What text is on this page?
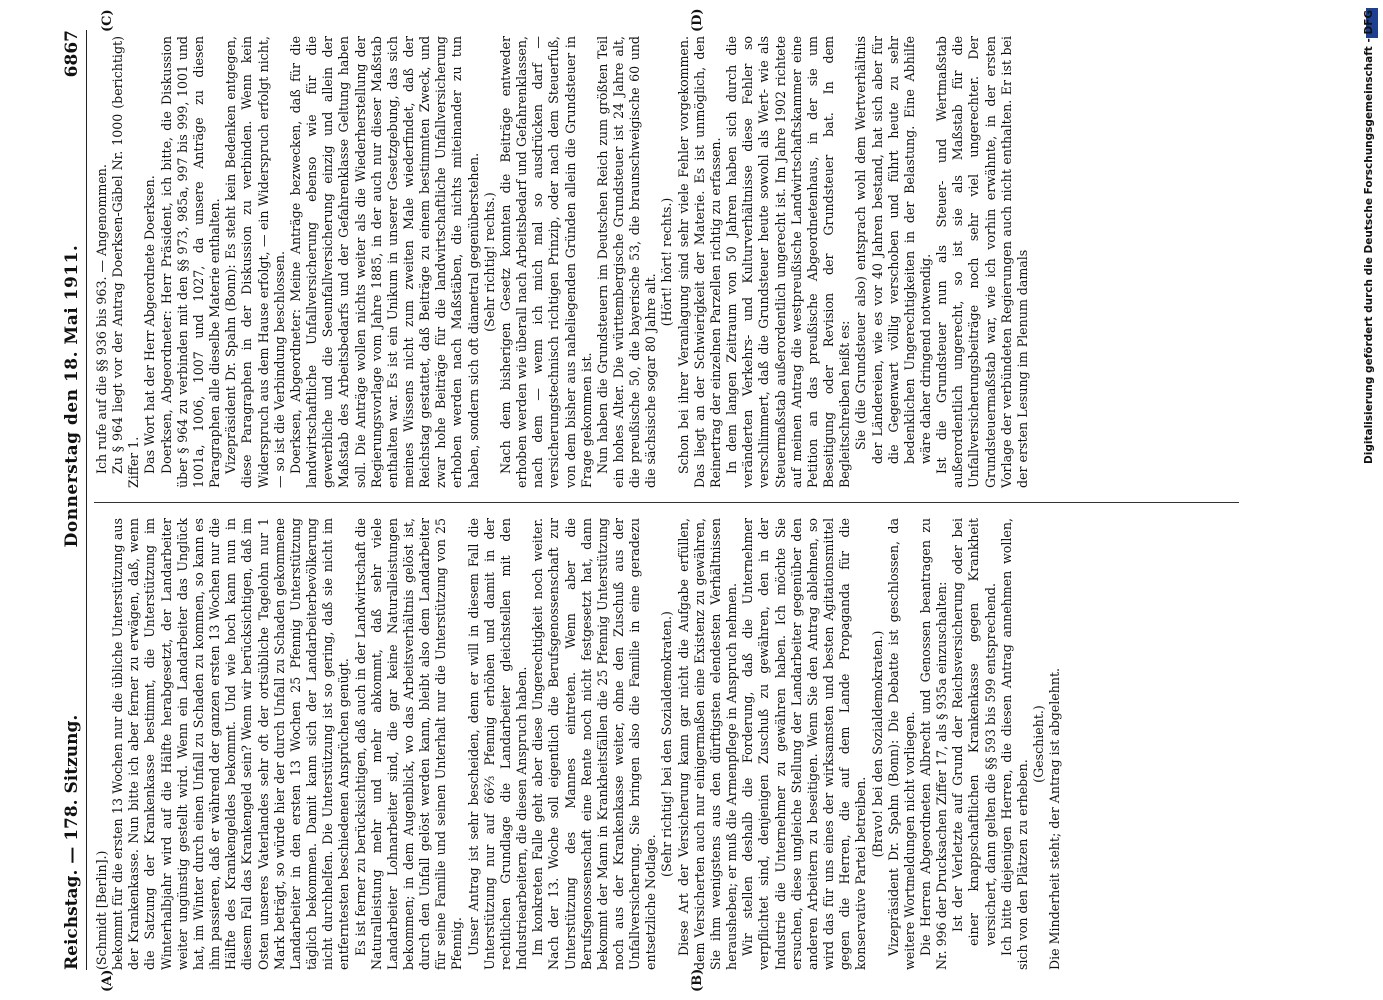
Reichstag. — 178. Sitzung.
Donnerstag den 18. Mai 1911.
6867
(A)	(B)
(C)	(D)

(Schmidt [Berlin].) bekommt für die ersten 13 Wochen nur die übliche Unterstützung aus der Krankenkasse. Nun bitte ich aber ferner zu erwägen, daß, wenn die Satzung der Krankenkasse bestimmt, die Unterstützung im Winterhalbjahr wird auf die Hälfte herabgesetzt, der Landarbeiter weiter ungünstig gestellt wird. Wenn ein Landarbeiter das Unglück hat, im Winter durch einen Unfall zu Schaden zu kommen, so kann es ihm passieren, daß er während der ganzen ersten 13 Wochen nur die Hälfte des Krankengeldes bekommt. Und wie hoch kann nun in diesem Fall das Krankengeld sein? Wenn wir berücksichtigen, daß im Osten unseres Vaterlandes sehr oft der ortsübliche Tagelohn nur 1 Mark beträgt, so würde hier der durch Unfall zu Schaden gekommene Landarbeiter in den ersten 13 Wochen 25 Pfennig Unterstützung täglich bekommen. Damit kann sich der Landarbeiterbevölkerung nicht durchhelfen. Die Unterstützung ist so gering, daß sie nicht im entferntesten beschiedenen Ansprüchen genügt. Es ist ferner zu berücksichtigen, daß auch in der Landwirtschaft die Naturalleistung mehr und mehr abkommt, daß sehr viele Landarbeiter Lohnarbeiter sind, die gar keine Naturalleistungen bekommen; in dem Augenblick, wo das Arbeitsverhältnis gelöst ist, durch den Unfall gelöst werden kann, bleibt also dem Landarbeiter für seine Familie und seinen Unterhalt nur die Unterstützung von 25 Pfennig. Unser Antrag ist sehr bescheiden, denn er will in diesem Fall die Unterstützung nur auf 66⅔ Pfennig erhöhen und damit in der rechtlichen Grundlage die Landarbeiter gleichstellen mit den Industriearbeitern, die diesen Anspruch haben. Im konkreten Falle geht aber diese Ungerechtigkeit noch weiter. Nach der 13. Woche soll eigentlich die Berufsgenossenschaft zur Unterstützung des Mannes eintreten. Wenn aber die Berufsgenossenschaft eine Rente noch nicht festgesetzt hat, dann bekommt der Mann in Krankheitsfällen die 25 Pfennig Unterstützung noch aus der Krankenkasse weiter, ohne den Zuschuß aus der Unfallversicherung. Sie bringen also die Familie in eine geradezu entsetzliche Notlage.

(Sehr richtig! bei den Sozialdemokraten.) Diese Art der Versicherung kann gar nicht die Aufgabe erfüllen, dem Versicherten auch nur einigermaßen eine Existenz zu gewähren, Sie ihm wenigstens aus den dürftigsten elendesten Verhältnissen herausheben; er muß die Armenpflege in Anspruch nehmen. Wir stellen deshalb die Forderung, daß die Unternehmer verpflichtet sind, denjenigen Zuschuß zu gewähren, den in der Industrie die Unternehmer zu gewähren haben. Ich möchte Sie ersuchen, diese ungleiche Stellung der Landarbeiter gegenüber den anderen Arbeitern zu beseitigen. Wenn Sie den Antrag ablehnen, so wird das für uns eines der wirksamsten und besten Agitationsmittel gegen die Herren, die auf dem Lande Propaganda für die konservative Partei betreiben.

(Bravo! bei den Sozialdemokraten.) Vizepräsident Dr. Spahn (Bonn): Die Debatte ist geschlossen, da weitere Wortmeldungen nicht vorliegen. Die Herren Abgeordneten Albrecht und Genossen beantragen zu Nr. 996 der Drucksachen Ziffer 17, als § 935a einzuschalten: Ist der Verletzte auf Grund der Reichsversicherung oder bei einer knappschaftlichen Krankenkasse gegen Krankheit versichert, dann gelten die §§ 593 bis 599 entsprechend. Ich bitte diejenigen Herren, die diesen Antrag annehmen wollen, sich von den Plätzen zu erheben.

(Geschieht.) Die Minderheit steht; der Antrag ist abgelehnt.

Ich rufe auf die §§ 936 bis 963. — Angenommen. Zu § 964 liegt vor der Antrag Doerksen-Gäbel Nr. 1000 (berichtigt) Ziffer 1. Das Wort hat der Herr Abgeordnete Doerksen. Doerksen, Abgeordneter: Herr Präsident, ich bitte, die Diskussion über § 964 zu verbinden mit den §§ 973, 985a, 997 bis 999, 1001 und 1001a, 1006, 1007 und 1027, da unsere Anträge zu diesen Paragraphen alle dieselbe Materie enthalten. Vizepräsident Dr. Spahn (Bonn): Es steht kein Bedenken entgegen, diese Paragraphen in der Diskussion zu verbinden. Wenn kein Widerspruch aus dem Hause erfolgt, — ein Widerspruch erfolgt nicht, — so ist die Verbindung beschlossen. Doerksen, Abgeordneter: Meine Anträge bezwecken, daß für die landwirtschaftliche Unfallversicherung ebenso wie für die gewerbliche und die Seeunfallversicherung einzig und allein der Maßstab des Arbeitsbedarfs und der Gefahrenklasse Geltung haben soll. Die Anträge wollen nichts weiter als die Wiederherstellung der Regierungsvorlage vom Jahre 1885, in der auch nur dieser Maßstab enthalten war. Es ist ein Unikum in unserer Gesetzgebung, das sich meines Wissens nicht zum zweiten Male wiederfindet, daß der Reichstag gestattet, daß Beiträge zu einem bestimmten Zweck, und zwar hohe Beiträge für die landwirtschaftliche Unfallversicherung erhoben werden nach Maßstäben, die nichts miteinander zu tun haben, sondern sich oft diametral gegenüberstehen. (Sehr richtig! rechts.) Nach dem bisherigen Gesetz konnten die Beiträge entweder erhoben werden wie überall nach Arbeitsbedarf und Gefahrenklassen, nach dem — wenn ich mich mal so ausdrücken darf — versicherungstechnisch richtigen Prinzip, oder nach dem Steuerfuß, von dem bisher aus naheliegenden Gründen allein die Grundsteuer in Frage gekommen ist. Nun haben die Grundsteuern im Deutschen Reich zum größten Teil ein hohes Alter. Die württembergische Grundsteuer ist 24 Jahre alt, die preußische 50, die bayerische 53, die braunschweigische 60 und die sächsische sogar 80 Jahre alt.

(Hört! hört! rechts.) Schon bei ihrer Veranlagung sind sehr viele Fehler vorgekommen. Das liegt an der Schwierigkeit der Materie. Es ist unmöglich, den Reinertrag der einzelnen Parzellen richtig zu erfassen. In dem langen Zeitraum von 50 Jahren haben sich durch die veränderten Verkehrs- und Kulturverhältnisse diese Fehler so verschlimmert, daß die Grundsteuer heute sowohl als Wert- wie als Steuermaßstab außerordentlich ungerecht ist. Im Jahre 1902 richtete auf meinen Antrag die westpreußische Landwirtschaftskammer eine Petition an das preußische Abgeordnetenhaus, in der sie um Beseitigung oder Revision der Grundsteuer bat. In dem Begleitschreiben heißt es: Sie (die Grundsteuer also) entsprach wohl dem Wertverhältnis der Ländereien, wie es vor 40 Jahren bestand, hat sich aber für die Gegenwart völlig verschoben und führt heute zu sehr bedenklichen Ungerechtigkeiten in der Belastung. Eine Abhilfe wäre daher dringend notwendig. Ist die Grundsteuer nun als Steuer- und Wertmaßstab außerordentlich ungerecht, so ist sie als Maßstab für die Unfallversicherungsbeiträge noch sehr viel ungerechter. Der Grundsteuermaßstab war, wie ich vorhin erwähnte, in der ersten Vorlage der verbündeten Regierungen auch nicht enthalten. Er ist bei der ersten Lesung im Plenum damals	Digitalisierung gefördert durch die Deutsche Forschungsgemeinschaft - DFG
